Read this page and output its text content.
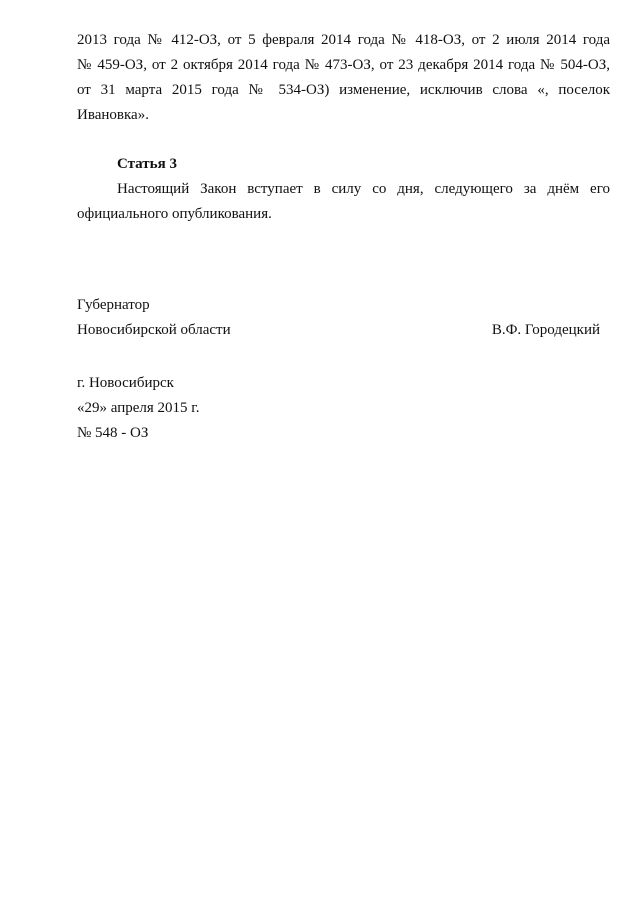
2013 года № 412-ОЗ, от 5 февраля 2014 года № 418-ОЗ, от 2 июля 2014 года
№ 459-ОЗ, от 2 октября 2014 года № 473-ОЗ, от 23 декабря 2014 года № 504-ОЗ,
от 31 марта 2015 года № 534-ОЗ) изменение, исключив слова «, поселок
Ивановка».

Статья 3

Настоящий Закон вступает в силу со дня, следующего за днём его
официального опубликования.

Губернатор
Новосибирской области	В.Ф. Городецкий
г. Новосибирск
«29» апреля 2015 г.
№ 548 - ОЗ
